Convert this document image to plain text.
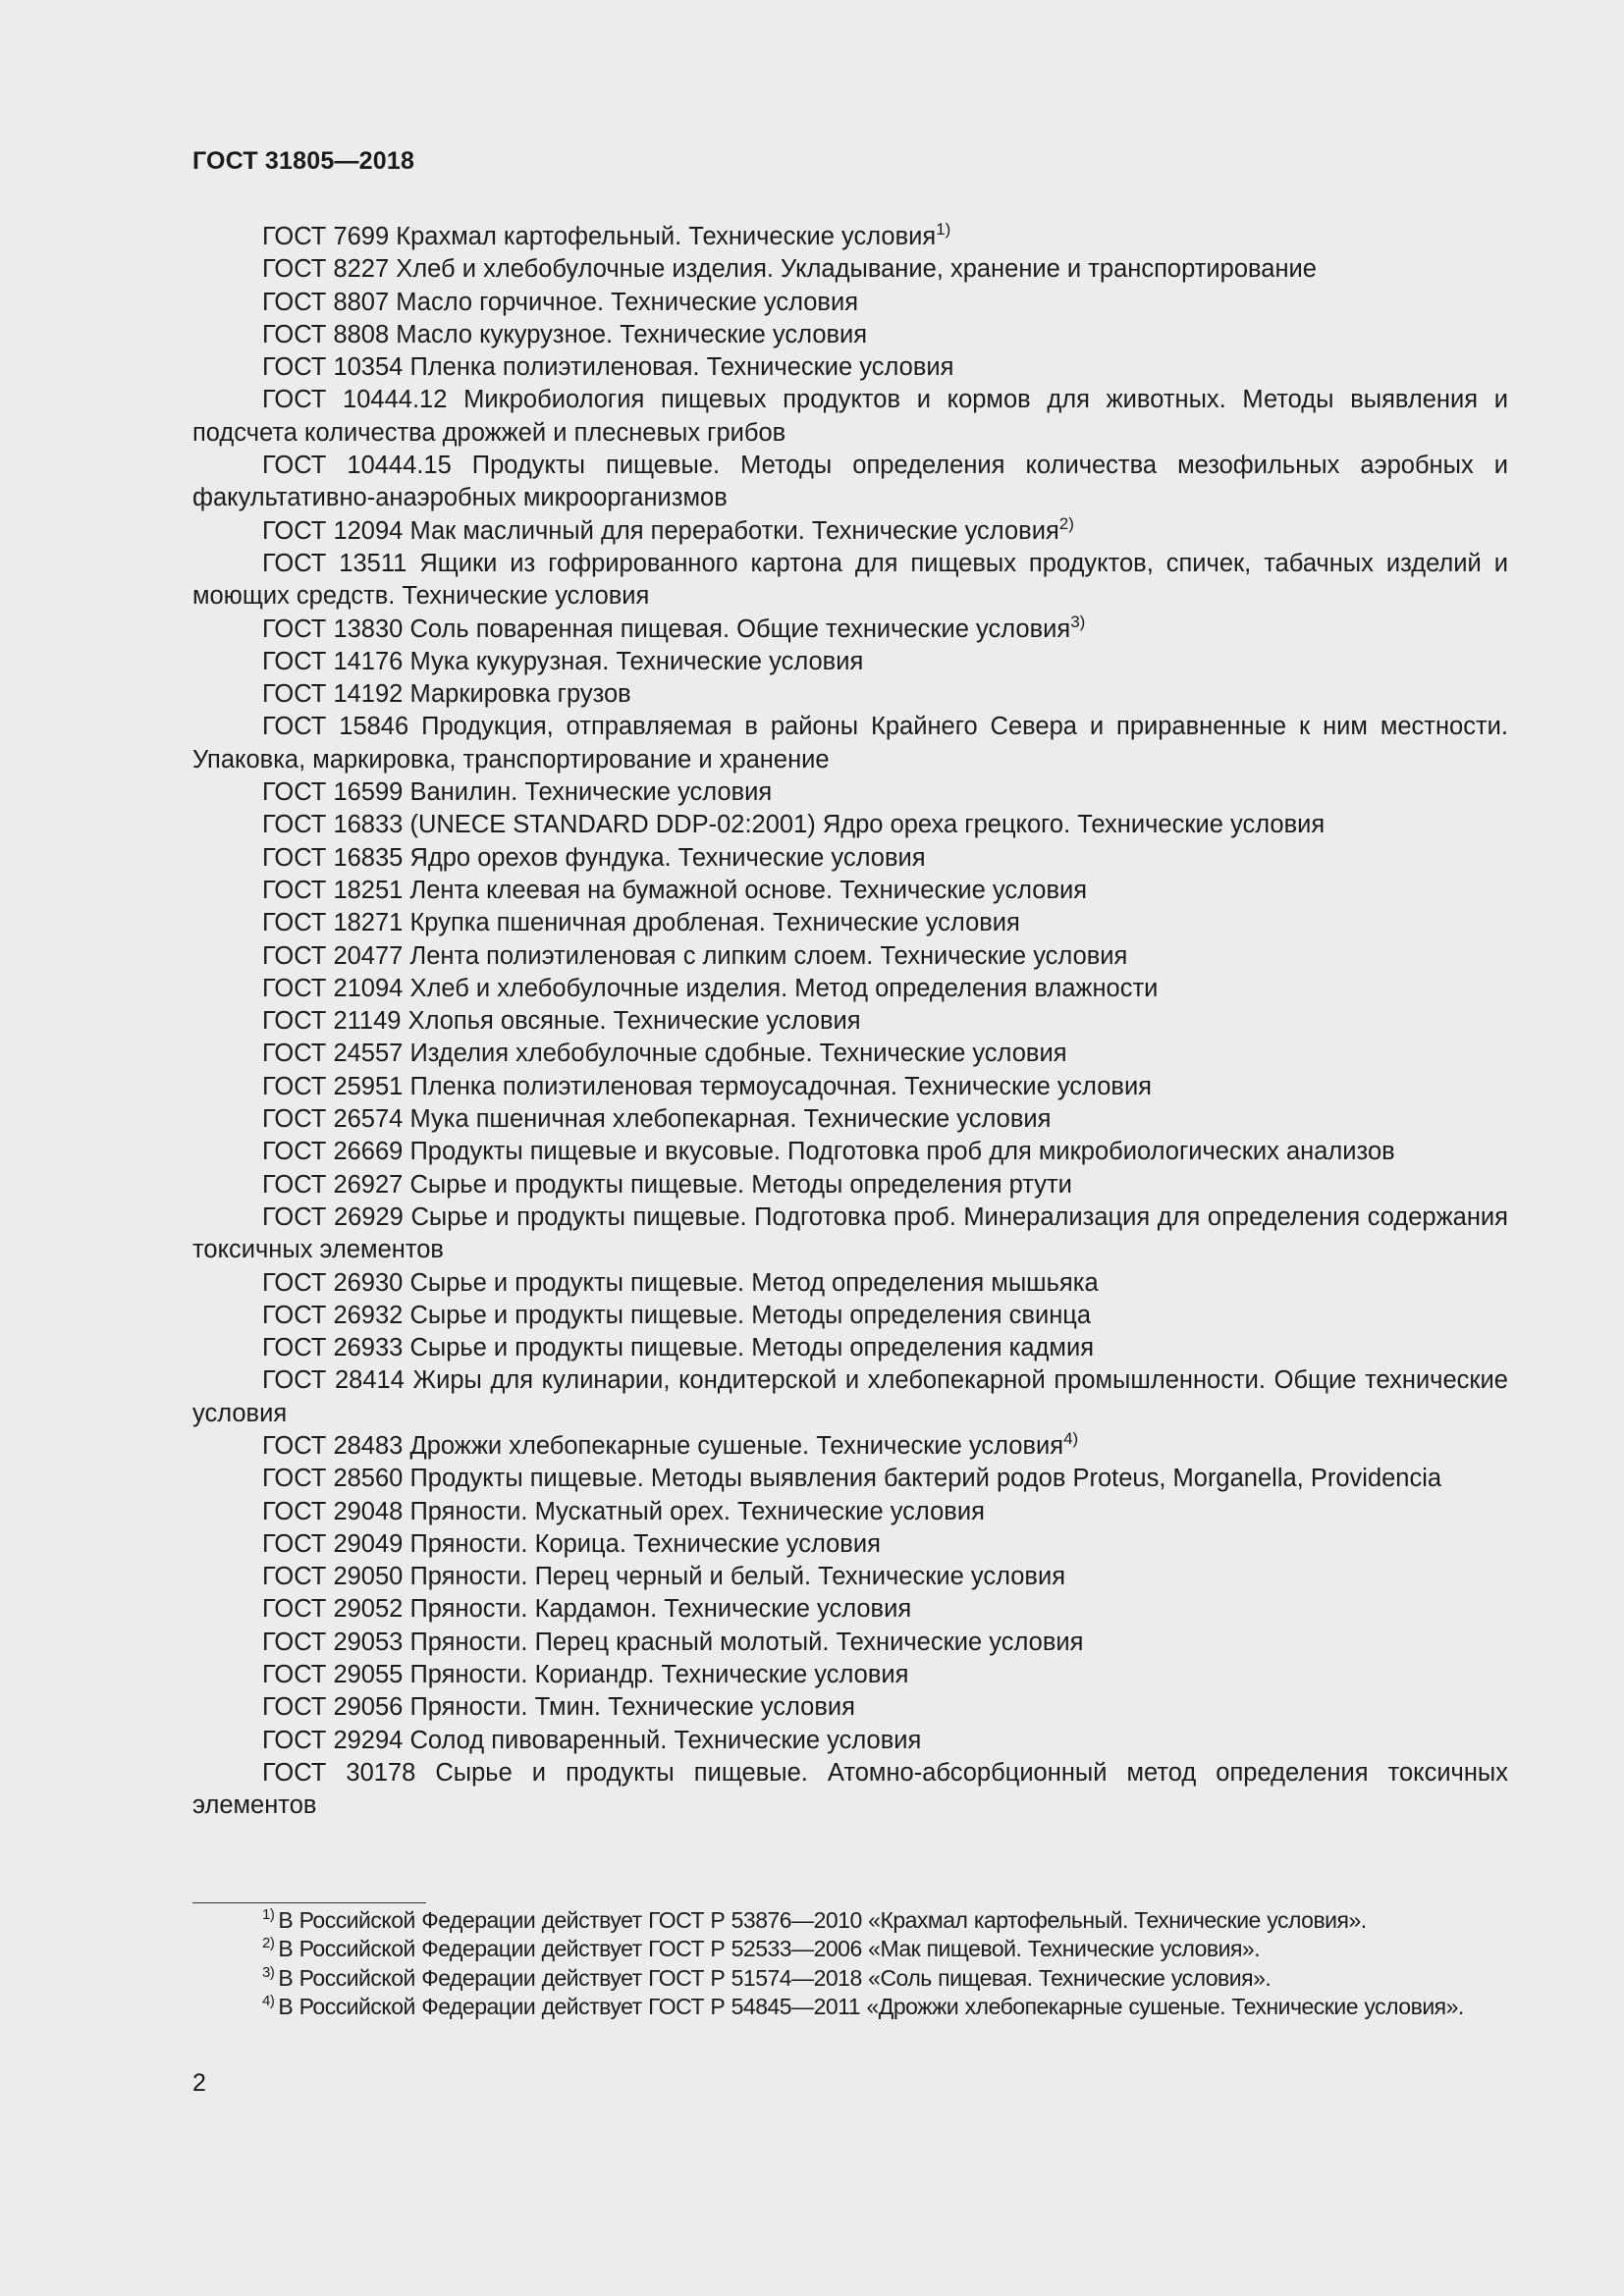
ГОСТ 31805—2018
ГОСТ 7699 Крахмал картофельный. Технические условия$^{1)}$
ГОСТ 8227 Хлеб и хлебобулочные изделия. Укладывание, хранение и транспортирование
ГОСТ 8807 Масло горчичное. Технические условия
ГОСТ 8808 Масло кукурузное. Технические условия
ГОСТ 10354 Пленка полиэтиленовая. Технические условия
ГОСТ 10444.12 Микробиология пищевых продуктов и кормов для животных. Методы выявления и подсчета количества дрожжей и плесневых грибов
ГОСТ 10444.15 Продукты пищевые. Методы определения количества мезофильных аэробных и факультативно-анаэробных микроорганизмов
ГОСТ 12094 Мак масличный для переработки. Технические условия$^{2)}$
ГОСТ 13511 Ящики из гофрированного картона для пищевых продуктов, спичек, табачных изделий и моющих средств. Технические условия
ГОСТ 13830 Соль поваренная пищевая. Общие технические условия$^{3)}$
ГОСТ 14176 Мука кукурузная. Технические условия
ГОСТ 14192 Маркировка грузов
ГОСТ 15846 Продукция, отправляемая в районы Крайнего Севера и приравненные к ним местности. Упаковка, маркировка, транспортирование и хранение
ГОСТ 16599 Ванилин. Технические условия
ГОСТ 16833 (UNECE STANDARD DDP-02:2001) Ядро ореха грецкого. Технические условия
ГОСТ 16835 Ядро орехов фундука. Технические условия
ГОСТ 18251 Лента клеевая на бумажной основе. Технические условия
ГОСТ 18271 Крупка пшеничная дробленая. Технические условия
ГОСТ 20477 Лента полиэтиленовая с липким слоем. Технические условия
ГОСТ 21094 Хлеб и хлебобулочные изделия. Метод определения влажности
ГОСТ 21149 Хлопья овсяные. Технические условия
ГОСТ 24557 Изделия хлебобулочные сдобные. Технические условия
ГОСТ 25951 Пленка полиэтиленовая термоусадочная. Технические условия
ГОСТ 26574 Мука пшеничная хлебопекарная. Технические условия
ГОСТ 26669 Продукты пищевые и вкусовые. Подготовка проб для микробиологических анализов
ГОСТ 26927 Сырье и продукты пищевые. Методы определения ртути
ГОСТ 26929 Сырье и продукты пищевые. Подготовка проб. Минерализация для определения содержания токсичных элементов
ГОСТ 26930 Сырье и продукты пищевые. Метод определения мышьяка
ГОСТ 26932 Сырье и продукты пищевые. Методы определения свинца
ГОСТ 26933 Сырье и продукты пищевые. Методы определения кадмия
ГОСТ 28414 Жиры для кулинарии, кондитерской и хлебопекарной промышленности. Общие технические условия
ГОСТ 28483 Дрожжи хлебопекарные сушеные. Технические условия$^{4)}$
ГОСТ 28560 Продукты пищевые. Методы выявления бактерий родов Proteus, Morganella, Providencia
ГОСТ 29048 Пряности. Мускатный орех. Технические условия
ГОСТ 29049 Пряности. Корица. Технические условия
ГОСТ 29050 Пряности. Перец черный и белый. Технические условия
ГОСТ 29052 Пряности. Кардамон. Технические условия
ГОСТ 29053 Пряности. Перец красный молотый. Технические условия
ГОСТ 29055 Пряности. Кориандр. Технические условия
ГОСТ 29056 Пряности. Тмин. Технические условия
ГОСТ 29294 Солод пивоваренный. Технические условия
ГОСТ 30178 Сырье и продукты пищевые. Атомно-абсорбционный метод определения токсичных элементов
$^{1)}$ В Российской Федерации действует ГОСТ Р 53876—2010 «Крахмал картофельный. Технические условия».
$^{2)}$ В Российской Федерации действует ГОСТ Р 52533—2006 «Мак пищевой. Технические условия».
$^{3)}$ В Российской Федерации действует ГОСТ Р 51574—2018 «Соль пищевая. Технические условия».
$^{4)}$ В Российской Федерации действует ГОСТ Р 54845—2011 «Дрожжи хлебопекарные сушеные. Технические условия».
2
